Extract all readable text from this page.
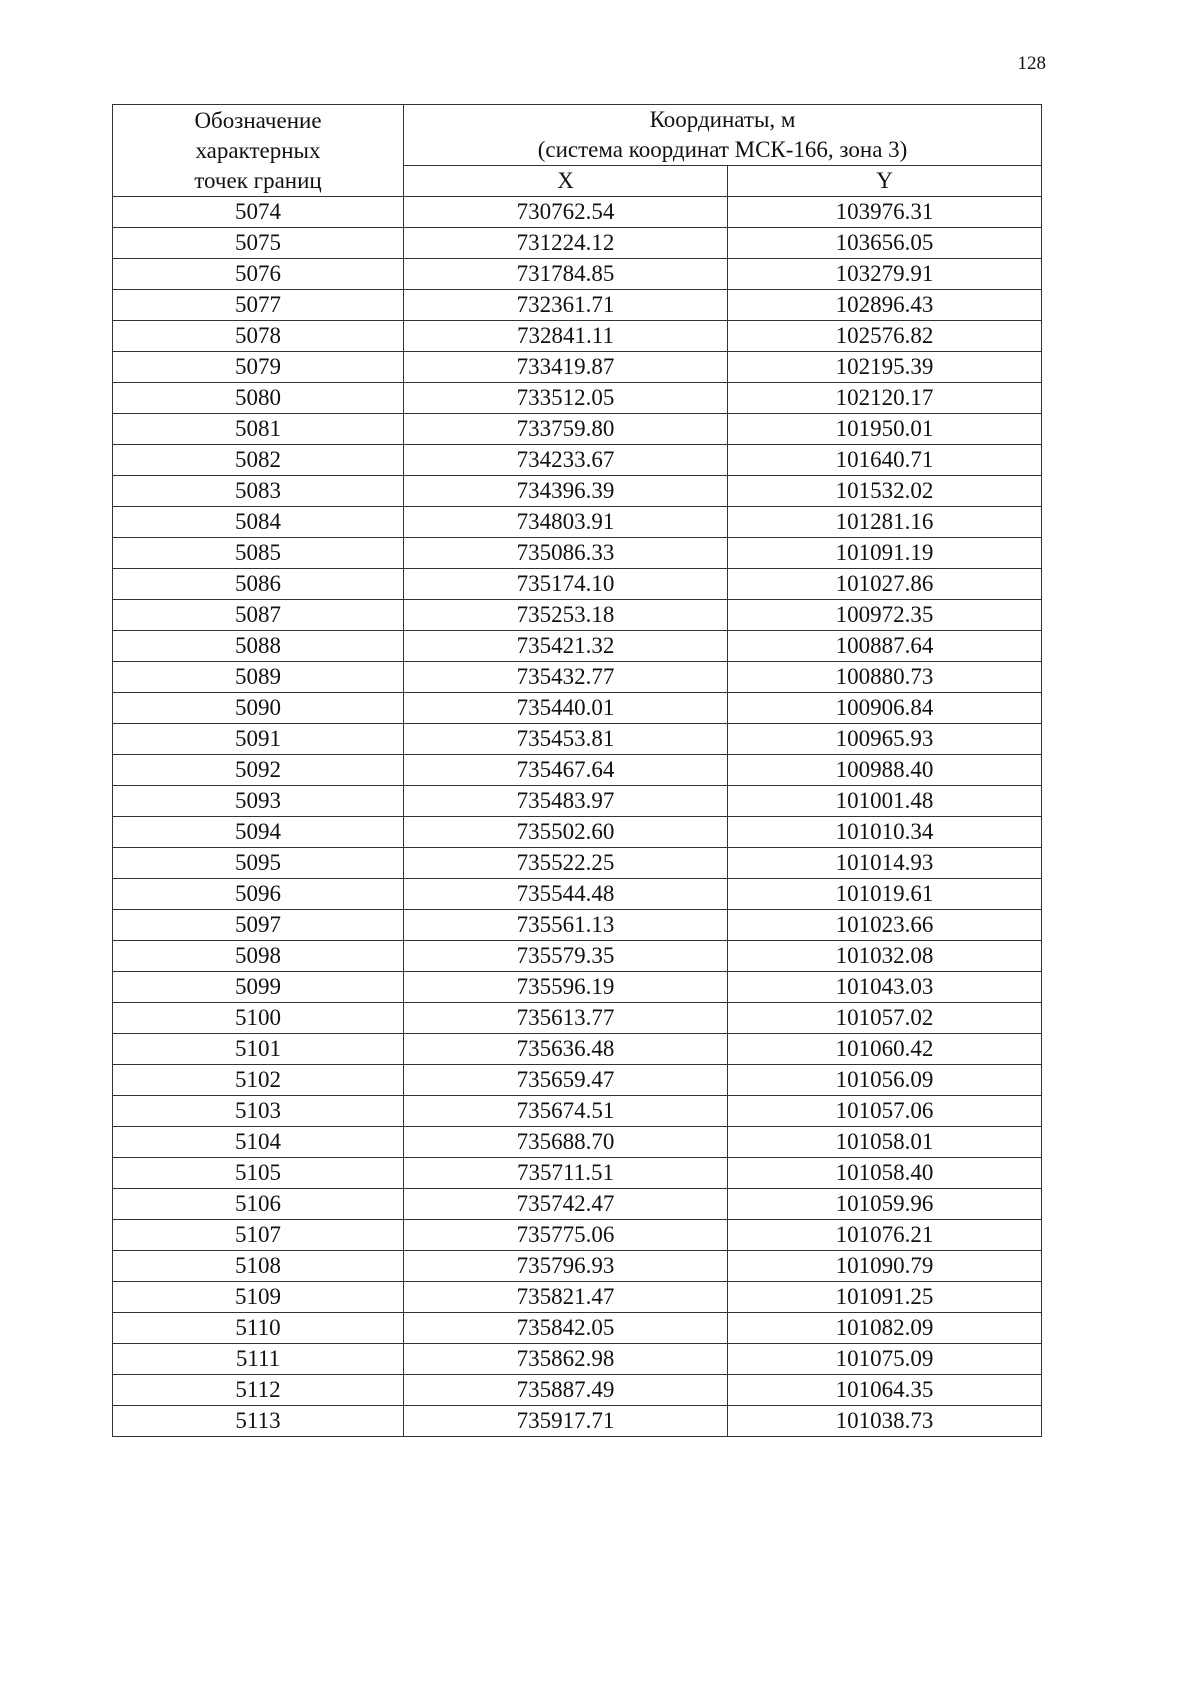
128
Обозначение
характерных
точек границ	Координаты, м
(система координат МСК-166, зона 3)	

	X	Y
5074	730762.54	103976.31
5075	731224.12	103656.05
5076	731784.85	103279.91
5077	732361.71	102896.43
5078	732841.11	102576.82
5079	733419.87	102195.39
5080	733512.05	102120.17
5081	733759.80	101950.01
5082	734233.67	101640.71
5083	734396.39	101532.02
5084	734803.91	101281.16
5085	735086.33	101091.19
5086	735174.10	101027.86
5087	735253.18	100972.35
5088	735421.32	100887.64
5089	735432.77	100880.73
5090	735440.01	100906.84
5091	735453.81	100965.93
5092	735467.64	100988.40
5093	735483.97	101001.48
5094	735502.60	101010.34
5095	735522.25	101014.93
5096	735544.48	101019.61
5097	735561.13	101023.66
5098	735579.35	101032.08
5099	735596.19	101043.03
5100	735613.77	101057.02
5101	735636.48	101060.42
5102	735659.47	101056.09
5103	735674.51	101057.06
5104	735688.70	101058.01
5105	735711.51	101058.40
5106	735742.47	101059.96
5107	735775.06	101076.21
5108	735796.93	101090.79
5109	735821.47	101091.25
5110	735842.05	101082.09
5111	735862.98	101075.09
5112	735887.49	101064.35
5113	735917.71	101038.73
